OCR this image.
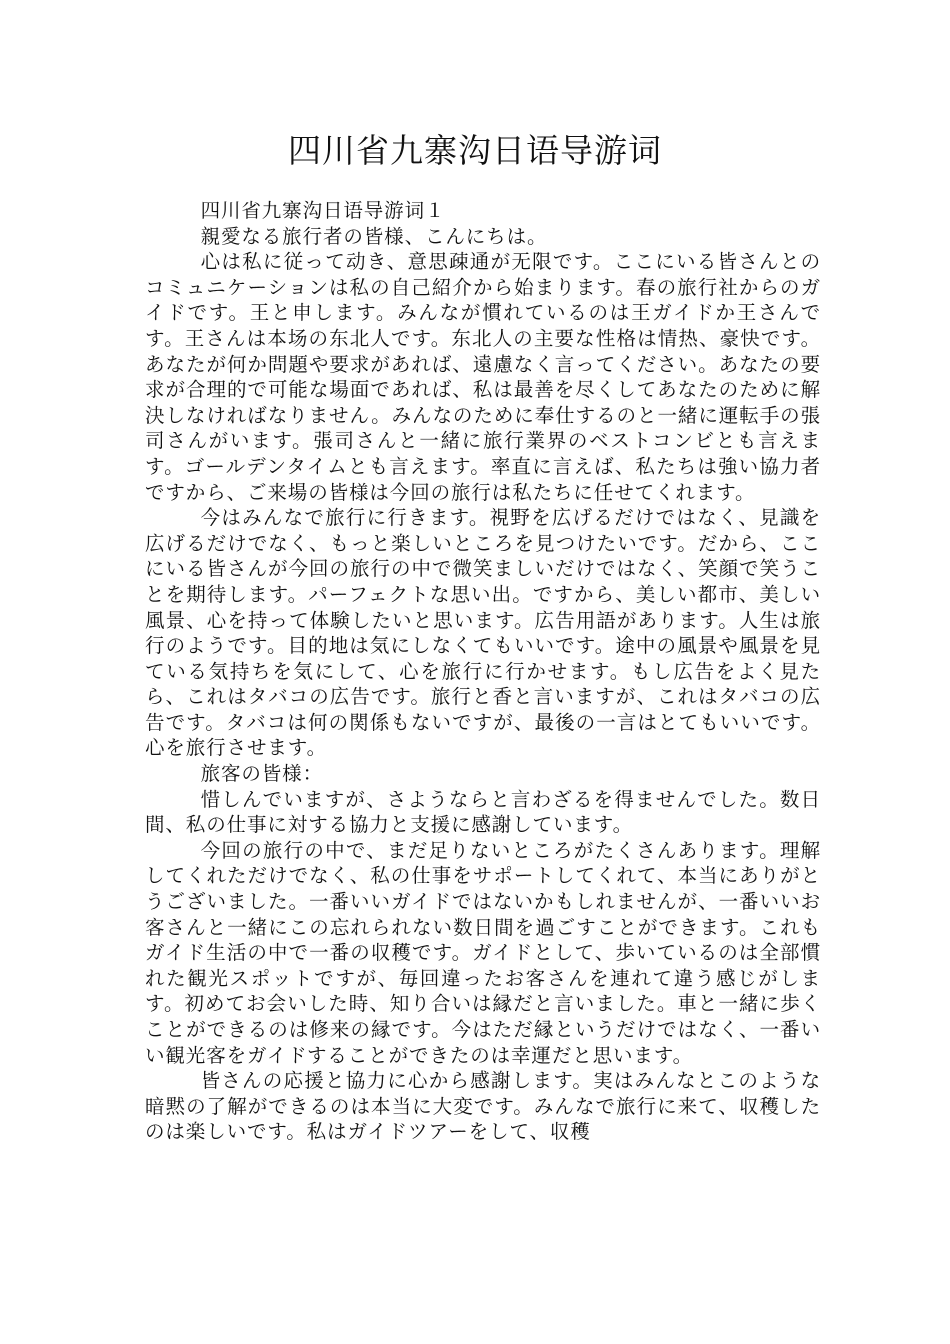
四川省九寨沟日语导游词

四川省九寨沟日语导游词１

親愛なる旅行者の皆様、こんにちは。

心は私に従って动き、意思疎通が无限です。ここにいる皆さんとのコミュニケーションは私の自己紹介から始まります。春の旅行社からのガイドです。王と申します。みんなが慣れているのは王ガイドか王さんです。王さんは本场の东北人です。东北人の主要な性格は情热、豪快です。あなたが何か問題や要求があれば、遠慮なく言ってください。あなたの要求が合理的で可能な場面であれば、私は最善を尽くしてあなたのために解決しなければなりません。みんなのために奉仕するのと一緒に運転手の張司さんがいます。張司さんと一緒に旅行業界のベストコンビとも言えます。ゴールデンタイムとも言えます。率直に言えば、私たちは強い協力者ですから、ご来場の皆様は今回の旅行は私たちに任せてくれます。

今はみんなで旅行に行きます。視野を広げるだけではなく、見識を広げるだけでなく、もっと楽しいところを見つけたいです。だから、ここにいる皆さんが今回の旅行の中で微笑ましいだけではなく、笑顔で笑うことを期待します。パーフェクトな思い出。ですから、美しい都市、美しい風景、心を持って体験したいと思います。広告用語があります。人生は旅行のようです。目的地は気にしなくてもいいです。途中の風景や風景を見ている気持ちを気にして、心を旅行に行かせます。もし広告をよく見たら、これはタバコの広告です。旅行と香と言いますが、これはタバコの広告です。タバコは何の関係もないですが、最後の一言はとてもいいです。心を旅行させます。

旅客の皆様：

惜しんでいますが、さようならと言わざるを得ませんでした。数日間、私の仕事に対する協力と支援に感謝しています。

今回の旅行の中で、まだ足りないところがたくさんあります。理解してくれただけでなく、私の仕事をサポートしてくれて、本当にありがとうございました。一番いいガイドではないかもしれませんが、一番いいお客さんと一緒にこの忘れられない数日間を過ごすことができます。これもガイド生活の中で一番の収穫です。ガイドとして、歩いているのは全部慣れた観光スポットですが、毎回違ったお客さんを連れて違う感じがします。初めてお会いした時、知り合いは縁だと言いました。車と一緒に歩くことができるのは修来の縁です。今はただ縁というだけではなく、一番いい観光客をガイドすることができたのは幸運だと思います。

皆さんの応援と協力に心から感謝します。実はみんなとこのような暗黙の了解ができるのは本当に大変です。みんなで旅行に来て、収穫したのは楽しいです。私はガイドツアーをして、収穫
